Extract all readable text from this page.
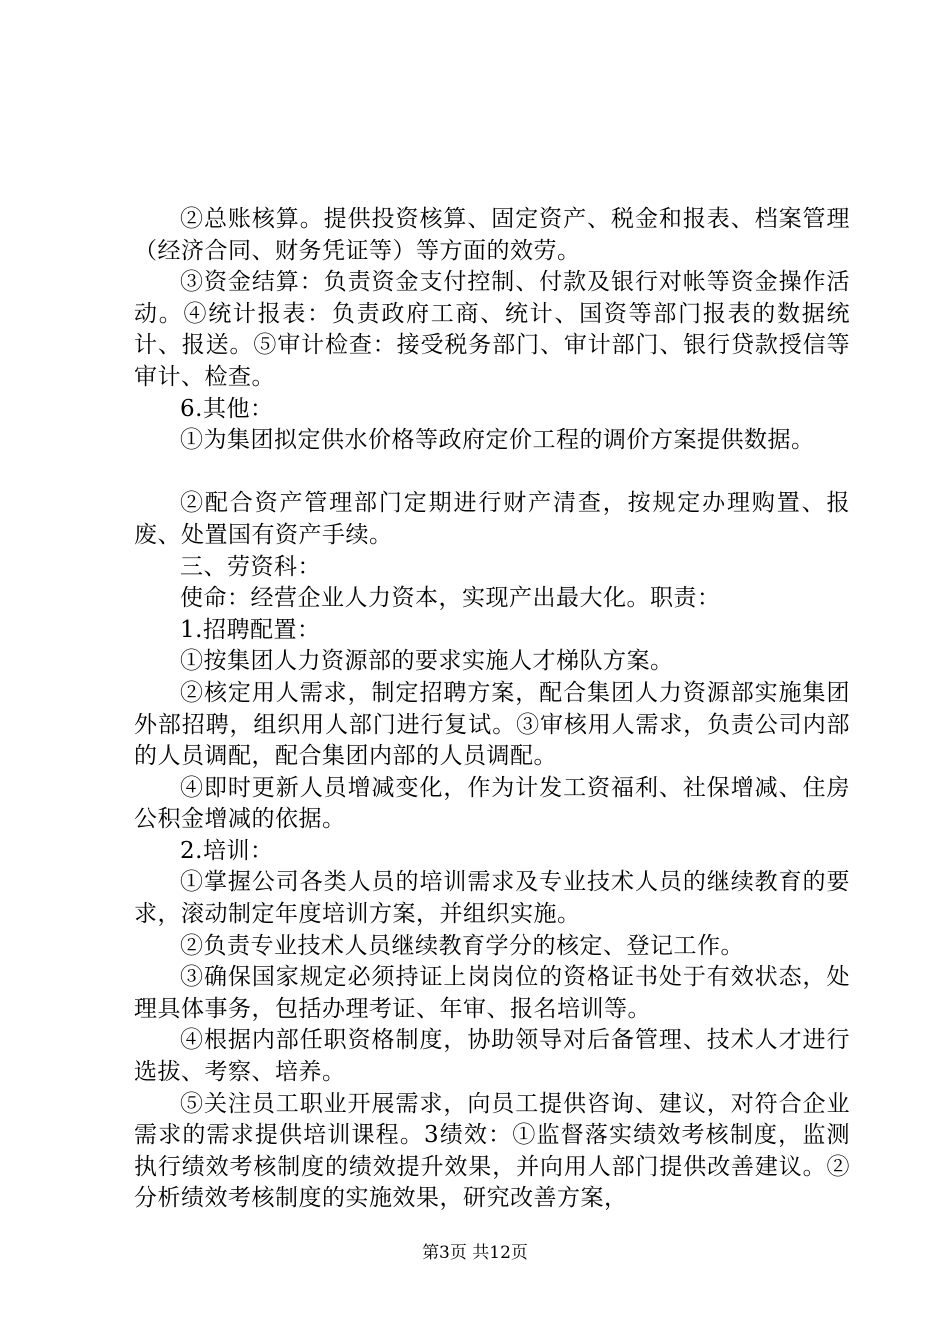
②总账核算。提供投资核算、固定资产、税金和报表、档案管理（经济合同、财务凭证等）等方面的效劳。

③资金结算：负责资金支付控制、付款及银行对帐等资金操作活动。④统计报表：负责政府工商、统计、国资等部门报表的数据统计、报送。⑤审计检查：接受税务部门、审计部门、银行贷款授信等审计、检查。

6.其他：

①为集团拟定供水价格等政府定价工程的调价方案提供数据。

②配合资产管理部门定期进行财产清查，按规定办理购置、报废、处置国有资产手续。

三、劳资科：

使命：经营企业人力资本，实现产出最大化。职责：

1.招聘配置：

①按集团人力资源部的要求实施人才梯队方案。

②核定用人需求，制定招聘方案，配合集团人力资源部实施集团外部招聘，组织用人部门进行复试。③审核用人需求，负责公司内部的人员调配，配合集团内部的人员调配。

④即时更新人员增减变化，作为计发工资福利、社保增减、住房公积金增减的依据。

2.培训：

①掌握公司各类人员的培训需求及专业技术人员的继续教育的要求，滚动制定年度培训方案，并组织实施。

②负责专业技术人员继续教育学分的核定、登记工作。

③确保国家规定必须持证上岗岗位的资格证书处于有效状态，处理具体事务，包括办理考证、年审、报名培训等。

④根据内部任职资格制度，协助领导对后备管理、技术人才进行选拔、考察、培养。

⑤关注员工职业开展需求，向员工提供咨询、建议，对符合企业需求的需求提供培训课程。3绩效：①监督落实绩效考核制度，监测执行绩效考核制度的绩效提升效果，并向用人部门提供改善建议。②分析绩效考核制度的实施效果，研究改善方案，

第3页 共12页
